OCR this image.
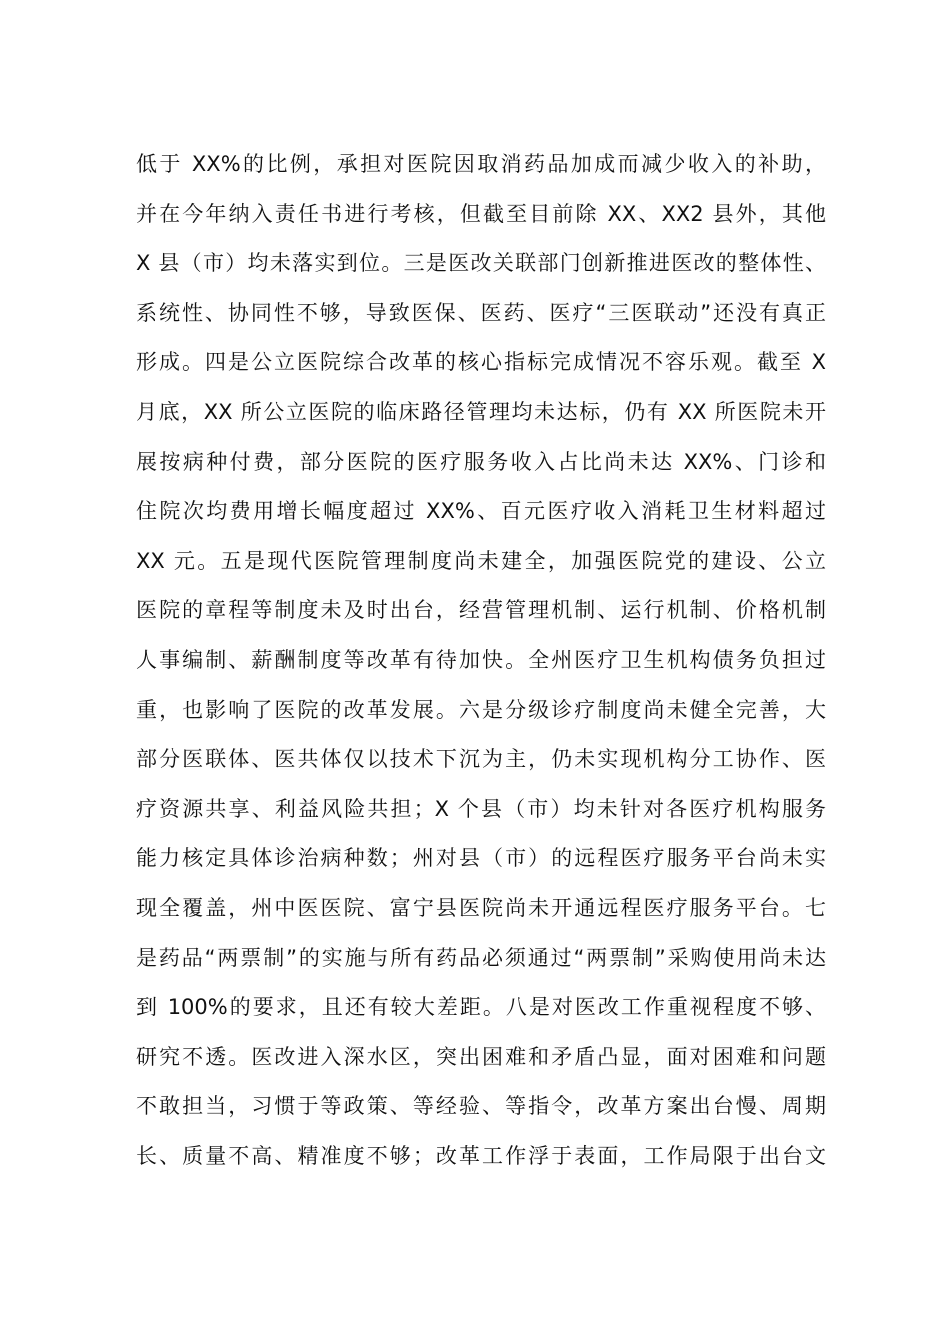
低于 XX%的比例，承担对医院因取消药品加成而减少收入的补助，
并在今年纳入责任书进行考核，但截至目前除 XX、XX2 县外，其他
X 县（市）均未落实到位。三是医改关联部门创新推进医改的整体性、
系统性、协同性不够，导致医保、医药、医疗“三医联动”还没有真正
形成。四是公立医院综合改革的核心指标完成情况不容乐观。截至 X
月底，XX 所公立医院的临床路径管理均未达标，仍有 XX 所医院未开
展按病种付费，部分医院的医疗服务收入占比尚未达 XX%、门诊和
住院次均费用增长幅度超过 XX%、百元医疗收入消耗卫生材料超过
XX 元。五是现代医院管理制度尚未建全，加强医院党的建设、公立
医院的章程等制度未及时出台，经营管理机制、运行机制、价格机制
人事编制、薪酬制度等改革有待加快。全州医疗卫生机构债务负担过
重，也影响了医院的改革发展。六是分级诊疗制度尚未健全完善，大
部分医联体、医共体仅以技术下沉为主，仍未实现机构分工协作、医
疗资源共享、利益风险共担；X 个县（市）均未针对各医疗机构服务
能力核定具体诊治病种数；州对县（市）的远程医疗服务平台尚未实
现全覆盖，州中医医院、富宁县医院尚未开通远程医疗服务平台。七
是药品“两票制”的实施与所有药品必须通过“两票制”采购使用尚未达
到 100%的要求，且还有较大差距。八是对医改工作重视程度不够、
研究不透。医改进入深水区，突出困难和矛盾凸显，面对困难和问题
不敢担当，习惯于等政策、等经验、等指令，改革方案出台慢、周期
长、质量不高、精准度不够；改革工作浮于表面，工作局限于出台文
